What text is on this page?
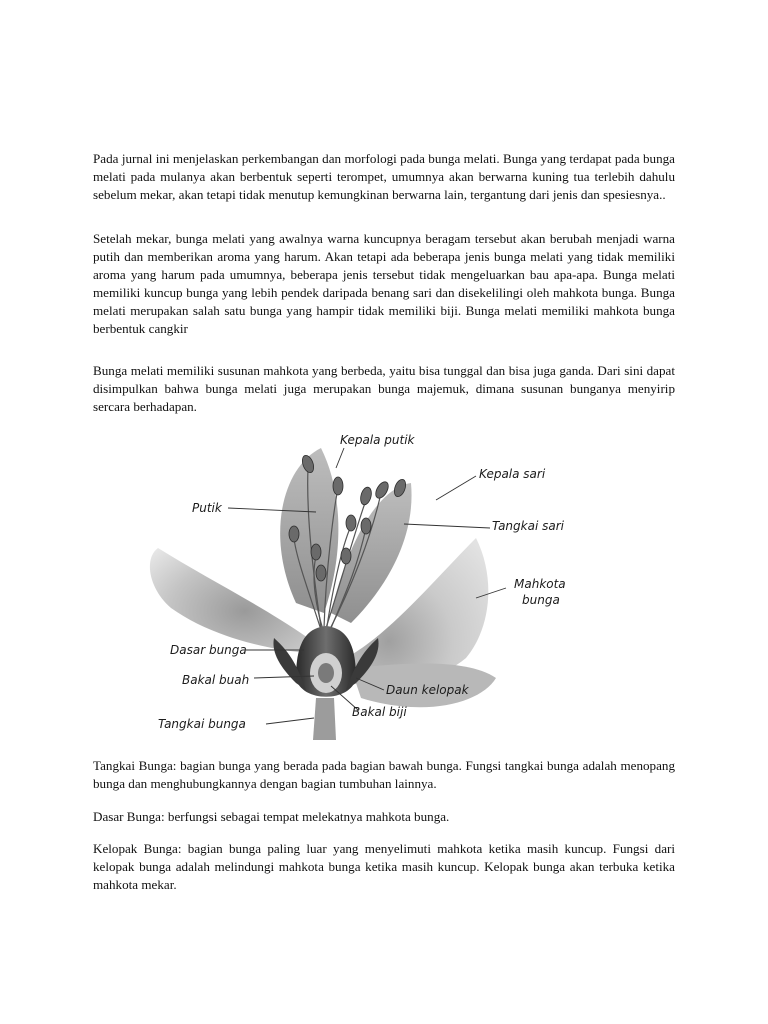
Pada jurnal ini menjelaskan perkembangan dan morfologi pada bunga melati. Bunga yang terdapat pada bunga melati pada mulanya akan berbentuk seperti terompet, umumnya akan berwarna kuning tua terlebih dahulu sebelum mekar, akan tetapi tidak menutup kemungkinan berwarna lain, tergantung dari jenis dan spesiesnya..

Setelah mekar, bunga melati yang awalnya warna kuncupnya beragam tersebut akan berubah menjadi warna putih dan memberikan aroma yang harum. Akan tetapi ada beberapa jenis bunga melati yang tidak memiliki aroma yang harum pada umumnya, beberapa jenis tersebut tidak mengeluarkan bau apa-apa. Bunga melati memiliki kuncup bunga yang lebih pendek daripada benang sari dan disekelilingi oleh mahkota bunga. Bunga melati merupakan salah satu bunga yang hampir tidak memiliki biji. Bunga melati memiliki mahkota bunga berbentuk cangkir

Bunga melati memiliki susunan mahkota yang berbeda, yaitu bisa tunggal dan bisa juga ganda. Dari sini dapat disimpulkan bahwa bunga melati juga merupakan bunga majemuk, dimana susunan bunganya menyirip sercara berhadapan.

Kepala putik
Kepala sari
Putik
Tangkai sari
Mahkota
bunga
Dasar bunga
Bakal buah
Daun kelopak
Bakal biji
Tangkai bunga

Tangkai Bunga: bagian bunga yang berada pada bagian bawah bunga. Fungsi tangkai bunga adalah menopang bunga dan menghubungkannya dengan bagian tumbuhan lainnya.

Dasar Bunga: berfungsi sebagai tempat melekatnya mahkota bunga.

Kelopak Bunga: bagian bunga paling luar yang menyelimuti mahkota ketika masih kuncup. Fungsi dari kelopak bunga adalah melindungi mahkota bunga ketika masih kuncup. Kelopak bunga akan terbuka ketika mahkota mekar.
